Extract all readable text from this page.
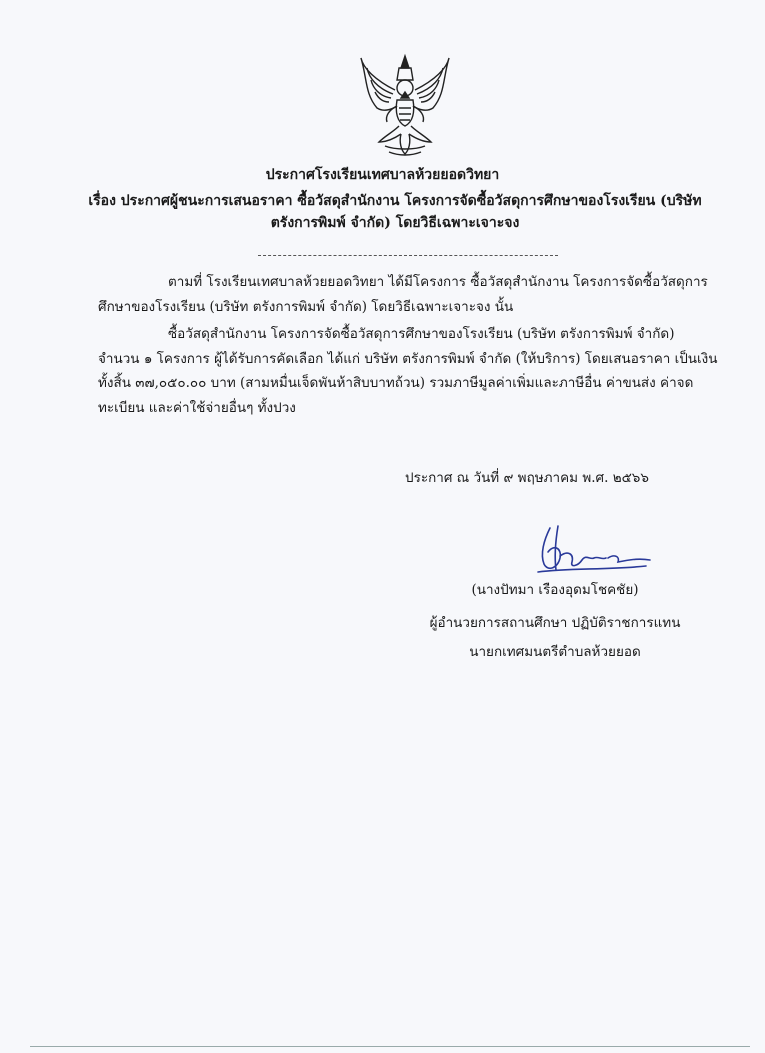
ประกาศโรงเรียนเทศบาลห้วยยอดวิทยา
เรื่อง ประกาศผู้ชนะการเสนอราคา ซื้อวัสดุสำนักงาน โครงการจัดซื้อวัสดุการศึกษาของโรงเรียน (บริษัท ตรังการพิมพ์ จำกัด) โดยวิธีเฉพาะเจาะจง
ตามที่ โรงเรียนเทศบาลห้วยยอดวิทยา ได้มีโครงการ ซื้อวัสดุสำนักงาน โครงการจัดซื้อวัสดุการศึกษาของโรงเรียน (บริษัท ตรังการพิมพ์ จำกัด) โดยวิธีเฉพาะเจาะจง นั้น
ซื้อวัสดุสำนักงาน โครงการจัดซื้อวัสดุการศึกษาของโรงเรียน (บริษัท ตรังการพิมพ์ จำกัด) จำนวน ๑ โครงการ ผู้ได้รับการคัดเลือก ได้แก่ บริษัท ตรังการพิมพ์ จำกัด (ให้บริการ) โดยเสนอราคา เป็นเงินทั้งสิ้น ๓๗,๐๕๐.๐๐ บาท (สามหมื่นเจ็ดพันห้าสิบบาทถ้วน) รวมภาษีมูลค่าเพิ่มและภาษีอื่น ค่าขนส่ง ค่าจดทะเบียน และค่าใช้จ่ายอื่นๆ ทั้งปวง
ประกาศ ณ วันที่ ๙ พฤษภาคม พ.ศ. ๒๕๖๖
(นางปัทมา เรืองอุดมโชคชัย)
ผู้อำนวยการสถานศึกษา ปฏิบัติราชการแทน
นายกเทศมนตรีตำบลห้วยยอด
